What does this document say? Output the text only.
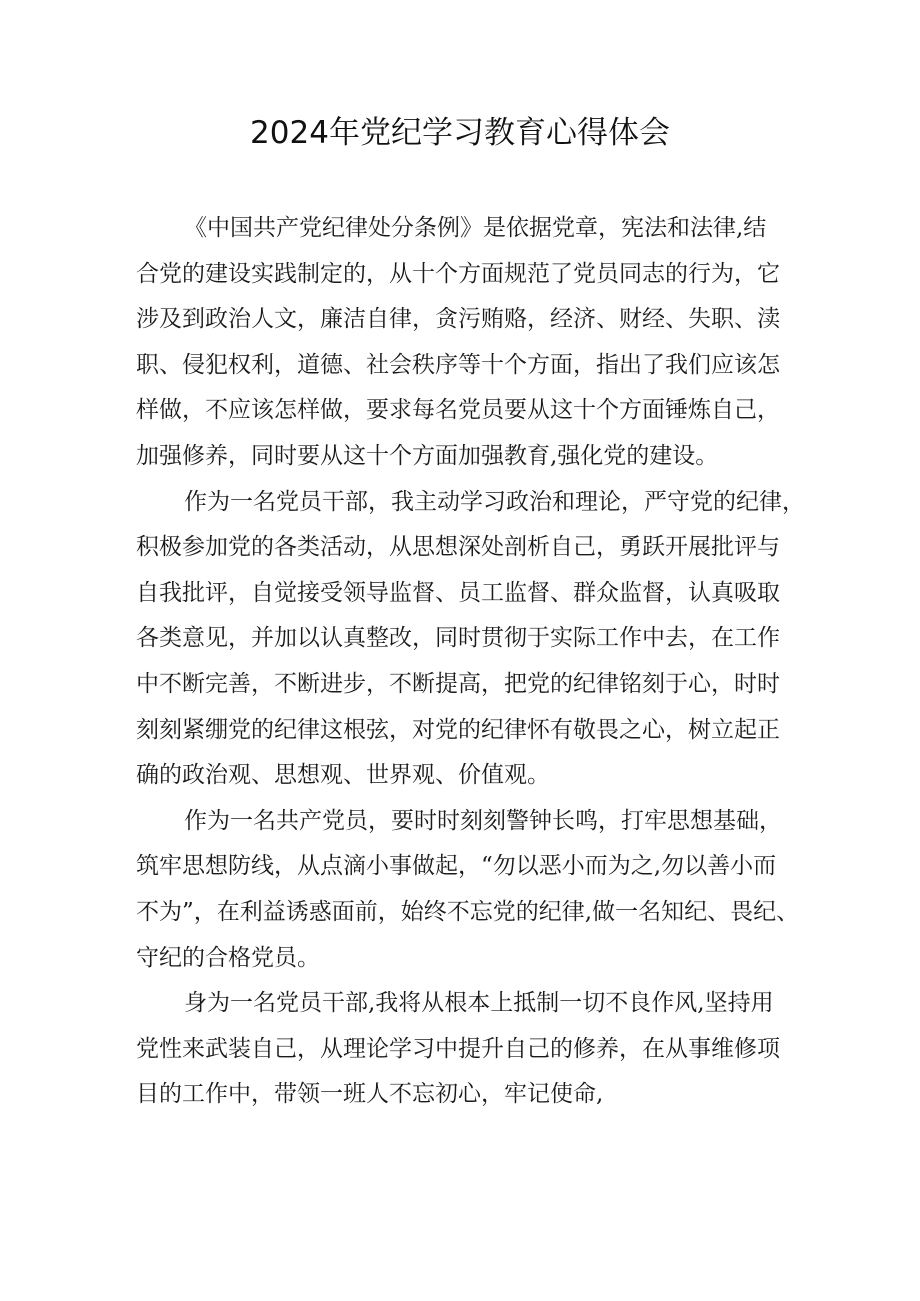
2024年党纪学习教育心得体会
《中国共产党纪律处分条例》是依据党章，宪法和法律,结
合党的建设实践制定的，从十个方面规范了党员同志的行为，它
涉及到政治人文，廉洁自律，贪污贿赂，经济、财经、失职、渎
职、侵犯权利，道德、社会秩序等十个方面，指出了我们应该怎
样做，不应该怎样做，要求每名党员要从这十个方面锤炼自己，
加强修养，同时要从这十个方面加强教育,强化党的建设。
作为一名党员干部，我主动学习政治和理论，严守党的纪律，
积极参加党的各类活动，从思想深处剖析自己，勇跃开展批评与
自我批评，自觉接受领导监督、员工监督、群众监督，认真吸取
各类意见，并加以认真整改，同时贯彻于实际工作中去，在工作
中不断完善，不断进步，不断提高，把党的纪律铭刻于心，时时
刻刻紧绷党的纪律这根弦，对党的纪律怀有敬畏之心，树立起正
确的政治观、思想观、世界观、价值观。
作为一名共产党员，要时时刻刻警钟长鸣，打牢思想基础，
筑牢思想防线，从点滴小事做起，“勿以恶小而为之,勿以善小而
不为”，在利益诱惑面前，始终不忘党的纪律,做一名知纪、畏纪、
守纪的合格党员。
身为一名党员干部,我将从根本上抵制一切不良作风,坚持用
党性来武装自己，从理论学习中提升自己的修养，在从事维修项
目的工作中，带领一班人不忘初心，牢记使命,
